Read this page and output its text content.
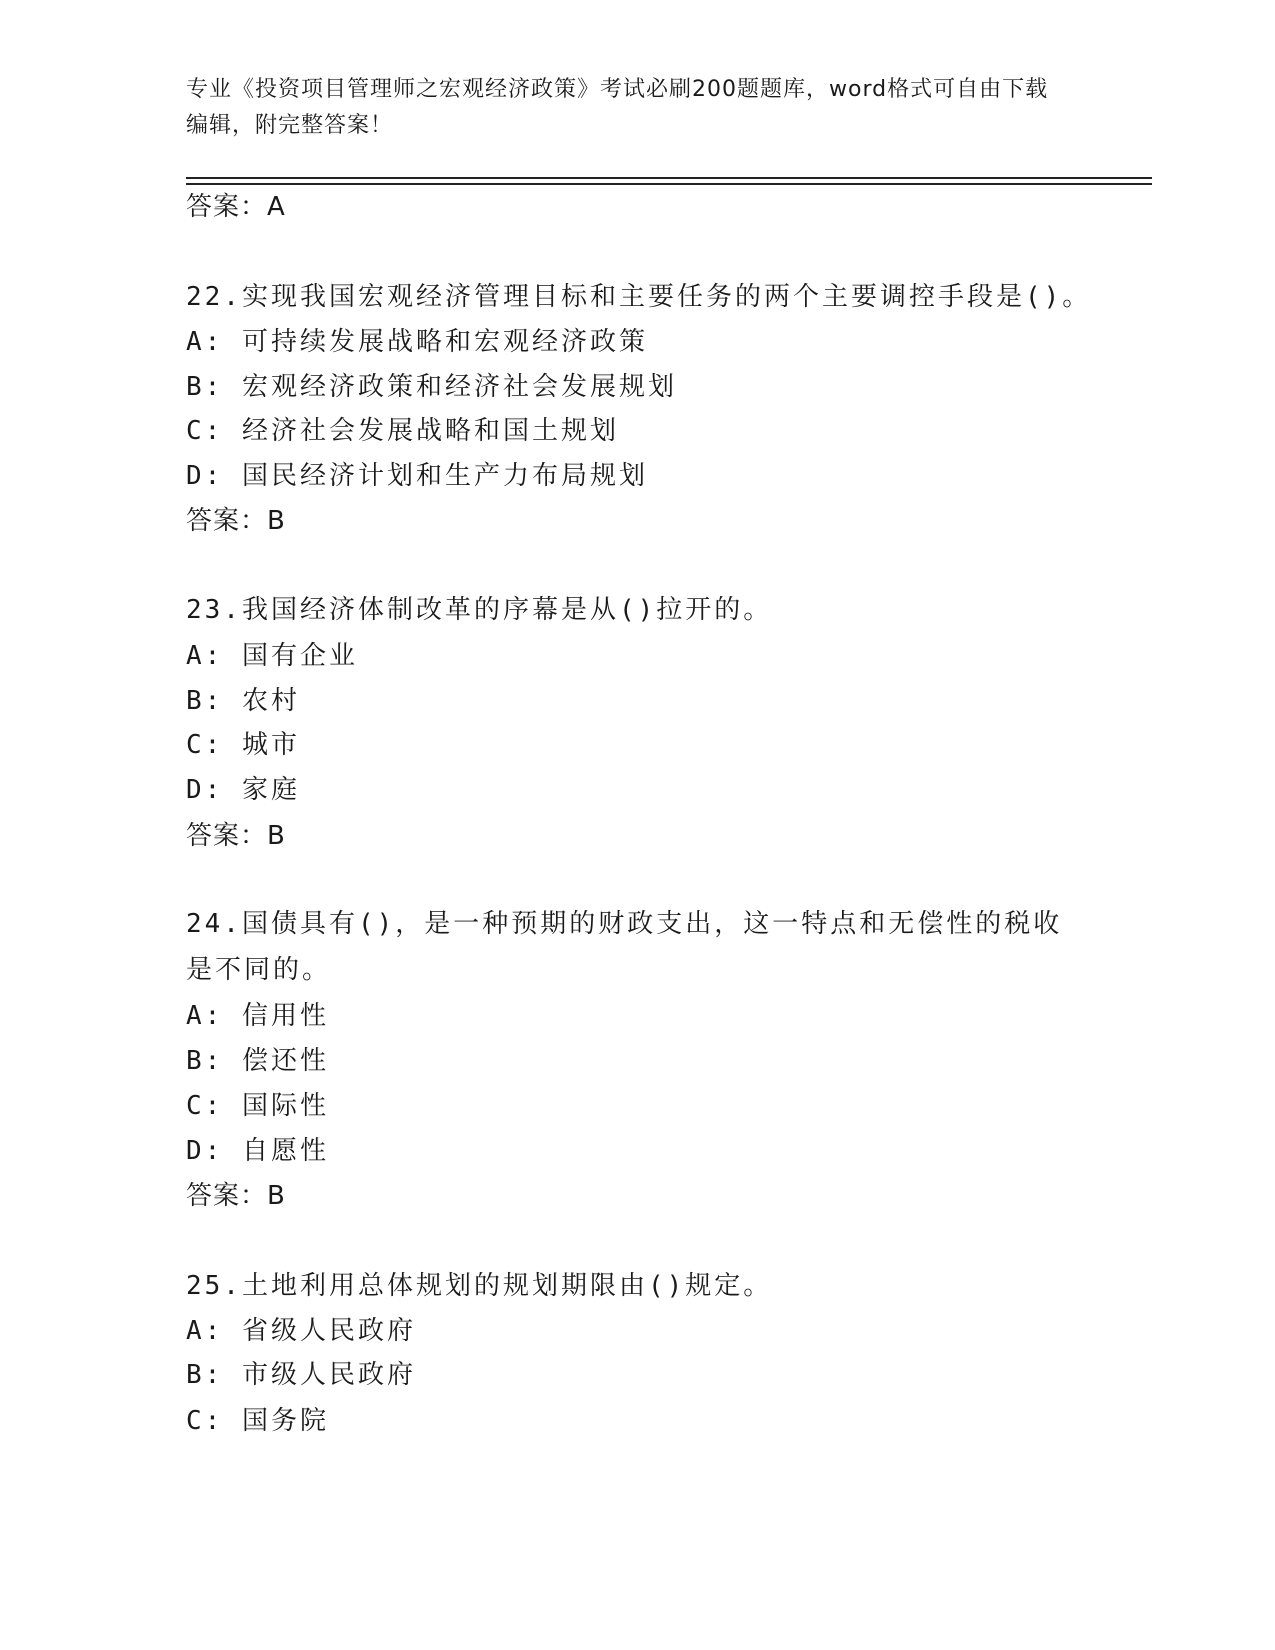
专业《投资项目管理师之宏观经济政策》考试必刷200题题库，word格式可自由下载编辑，附完整答案！
答案：A
22.实现我国宏观经济管理目标和主要任务的两个主要调控手段是()。
A: 可持续发展战略和宏观经济政策
B: 宏观经济政策和经济社会发展规划
C: 经济社会发展战略和国土规划
D: 国民经济计划和生产力布局规划
答案：B
23.我国经济体制改革的序幕是从()拉开的。
A: 国有企业
B: 农村
C: 城市
D: 家庭
答案：B
24.国债具有()，是一种预期的财政支出，这一特点和无偿性的税收是不同的。
A: 信用性
B: 偿还性
C: 国际性
D: 自愿性
答案：B
25.土地利用总体规划的规划期限由()规定。
A: 省级人民政府
B: 市级人民政府
C: 国务院
